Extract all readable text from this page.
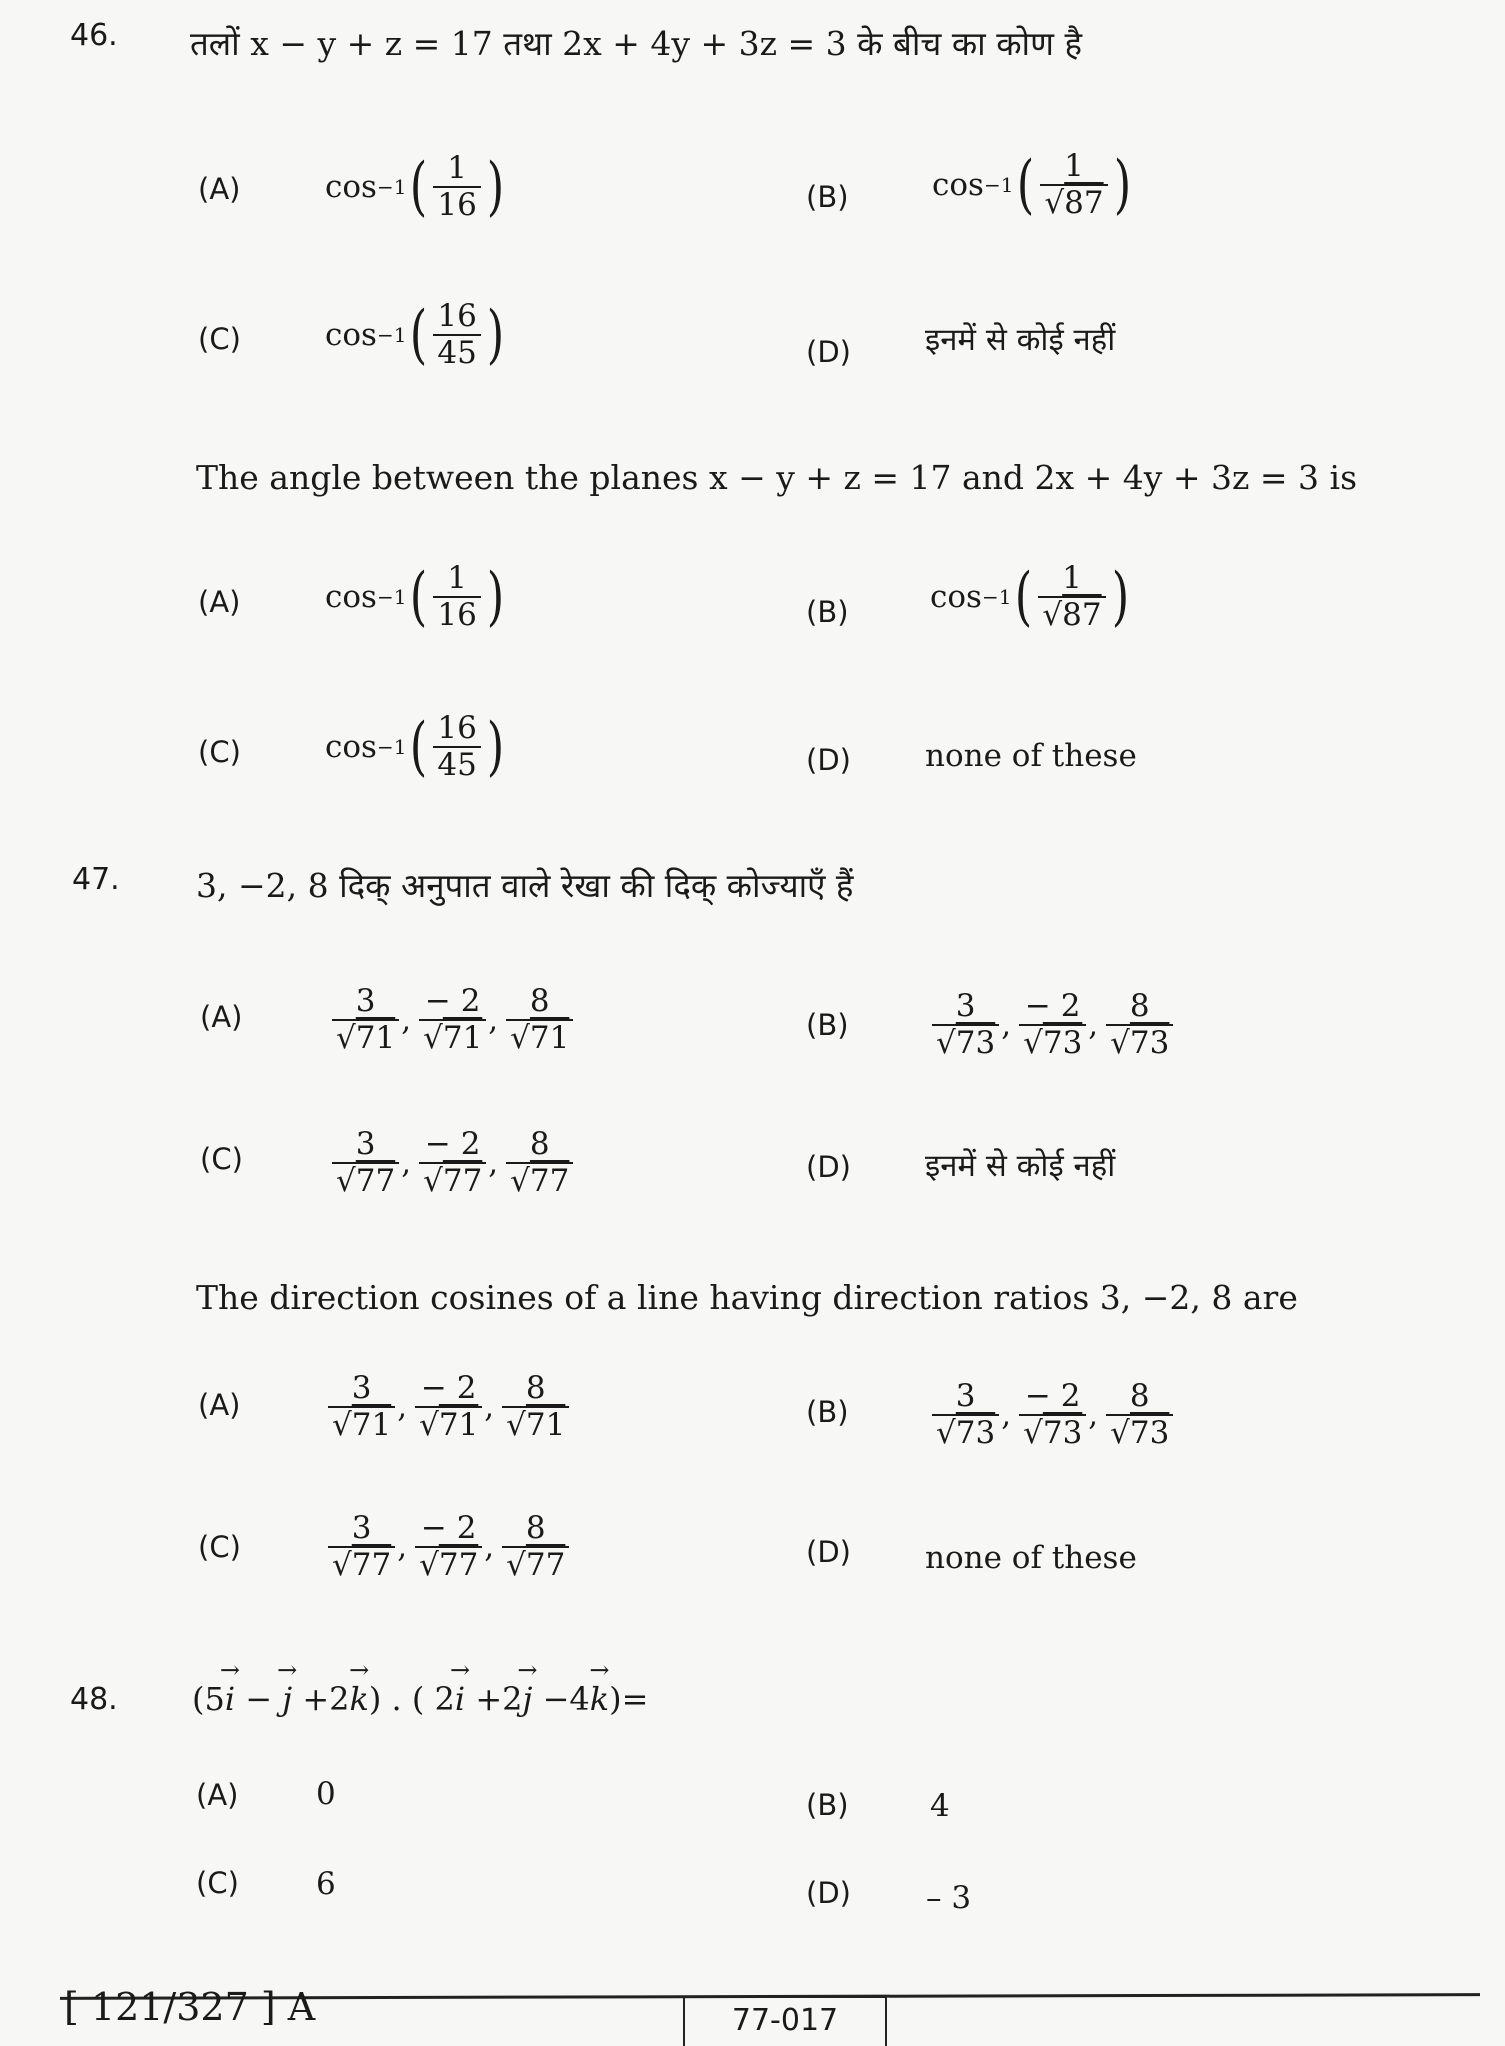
46. तलों x − y + z = 17 तथा 2x + 4y + 3z = 3 के बीच का कोण है
(A)	cos −1 ( $\frac{1}{16}$ )	(B)	cos −1 ( 1
√ 87 )
(C)	cos −1 ( $\frac{16}{45}$ )	(D) इनमें से कोई नहीं
The angle between the planes x − y + z = 17 and 2x + 4y + 3z = 3 is
(A)	cos −1 ( $\frac{1}{16}$ )	(B)	cos −1 ( 1
√ 87 )
(C)	cos −1 ( $\frac{16}{45}$ )	(D) none of these
47. 3, −2, 8 दिक् अनुपात वाले रेखा की दिक् कोज्याएँ हैं
(A)	3
√ 71 , − 2
√ 71 , 8
√ 71	(B)	3
√ 73 , − 2
√ 73 , 8
√ 73
(C)	3
√ 77 , − 2
√ 77 , 8
√ 77	(D) इनमें से कोई नहीं
The direction cosines of a line having direction ratios 3, −2, 8 are
(A)	3
√ 71 , − 2
√ 71 , 8
√ 71	(B)	3
√ 73 , − 2
√ 73 , 8
√ 73
(C)	3
√ 77 , − 2
√ 77 , 8
√ 77	(D) none of these
48. (5i → − j → +2k →) . ( 2i → +2j → −4k →)=
(A)	0	(B)	4
(C) 6	(D) – 3
[ 121/327 ] A	77-017
